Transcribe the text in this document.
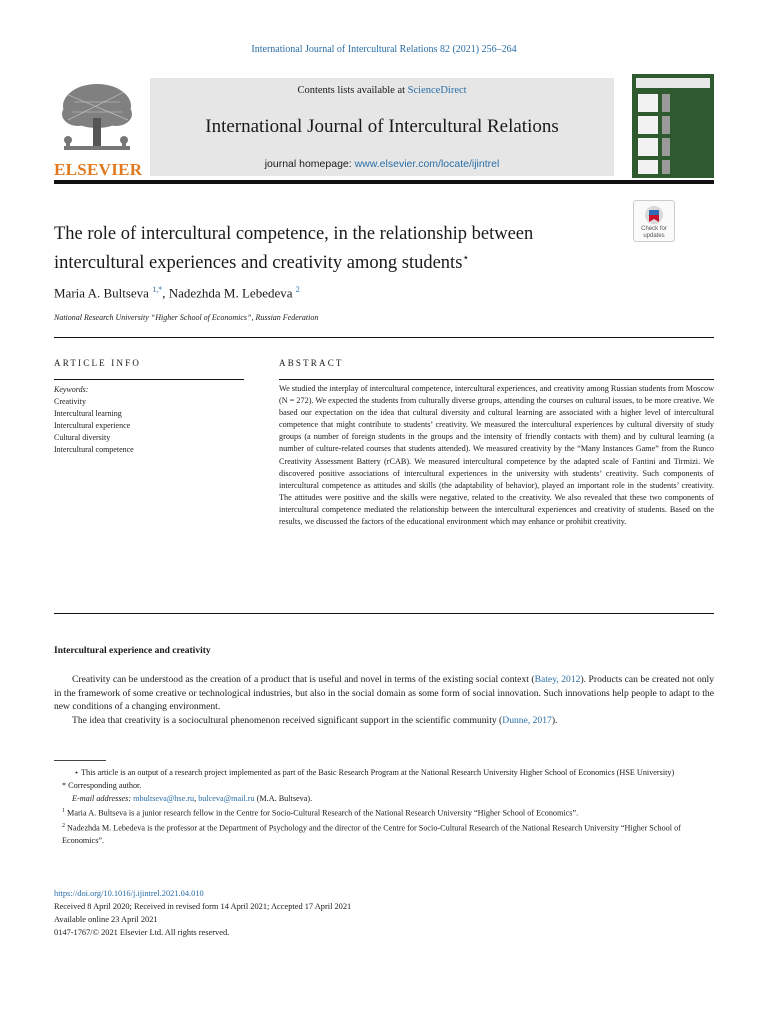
International Journal of Intercultural Relations 82 (2021) 256–264
ELSEVIER
Contents lists available at ScienceDirect
International Journal of Intercultural Relations
journal homepage: www.elsevier.com/locate/ijintrel
Check for
updates
The role of intercultural competence, in the relationship between intercultural experiences and creativity among students⋆
Maria A. Bultseva $^{1,*}$, Nadezhda M. Lebedeva $^2$
National Research University “Higher School of Economics”, Russian Federation
ARTICLE INFO	ABSTRACT
Keywords:
Creativity
Intercultural learning
Intercultural experience
Cultural diversity
Intercultural competence
We studied the interplay of intercultural competence, intercultural experiences, and creativity among Russian students from Moscow (N = 272). We expected the students from culturally diverse groups, attending the courses on cultural issues, to be more creative. We based our expectation on the idea that cultural diversity and cultural learning are associated with a higher level of intercultural competence that might contribute to students’ creativity. We measured the intercultural experiences by cultural diversity of study groups (a number of foreign students in the groups and the intensity of friendly contacts with them) and by cultural learning (a number of culture-related courses that students attended). We measured creativity by the “Many Instances Game” from the Runco Creativity Assessment Battery (rCAB). We measured intercultural competence by the adapted scale of Fantini and Tirmizi. We discovered positive associations of intercultural experiences in the university with students’ creativity. Such components of intercultural competence as attitudes and skills (the adaptability of behavior), played an important role in the students’ creativity. The attitudes were positive and the skills were negative, related to the creativity. We also revealed that these two components of intercultural competence mediated the relationship between the intercultural experiences and creativity of students. Based on the results, we discussed the factors of the educational environment which may enhance or prohibit creativity.
Intercultural experience and creativity

Creativity can be understood as the creation of a product that is useful and novel in terms of the existing social context (Batey, 2012). Products can be created not only in the framework of some creative or technological industries, but also in the social domain as some form of social innovation. Such innovations help people to adapt to the new conditions of a changing environment.

The idea that creativity is a sociocultural phenomenon received significant support in the scientific community (Dunne, 2017).

⋆ This article is an output of a research project implemented as part of the Basic Research Program at the National Research University Higher School of Economics (HSE University)

* Corresponding author.

E-mail addresses: mbultseva@hse.ru, bulceva@mail.ru (M.A. Bultseva).

$^1$ Maria A. Bultseva is a junior research fellow in the Centre for Socio-Cultural Research of the National Research University “Higher School of Economics”.

$^2$ Nadezhda M. Lebedeva is the professor at the Department of Psychology and the director of the Centre for Socio-Cultural Research of the National Research University “Higher School of Economics”.

https://doi.org/10.1016/j.ijintrel.2021.04.010

Received 8 April 2020; Received in revised form 14 April 2021; Accepted 17 April 2021

Available online 23 April 2021

0147-1767/© 2021 Elsevier Ltd. All rights reserved.
